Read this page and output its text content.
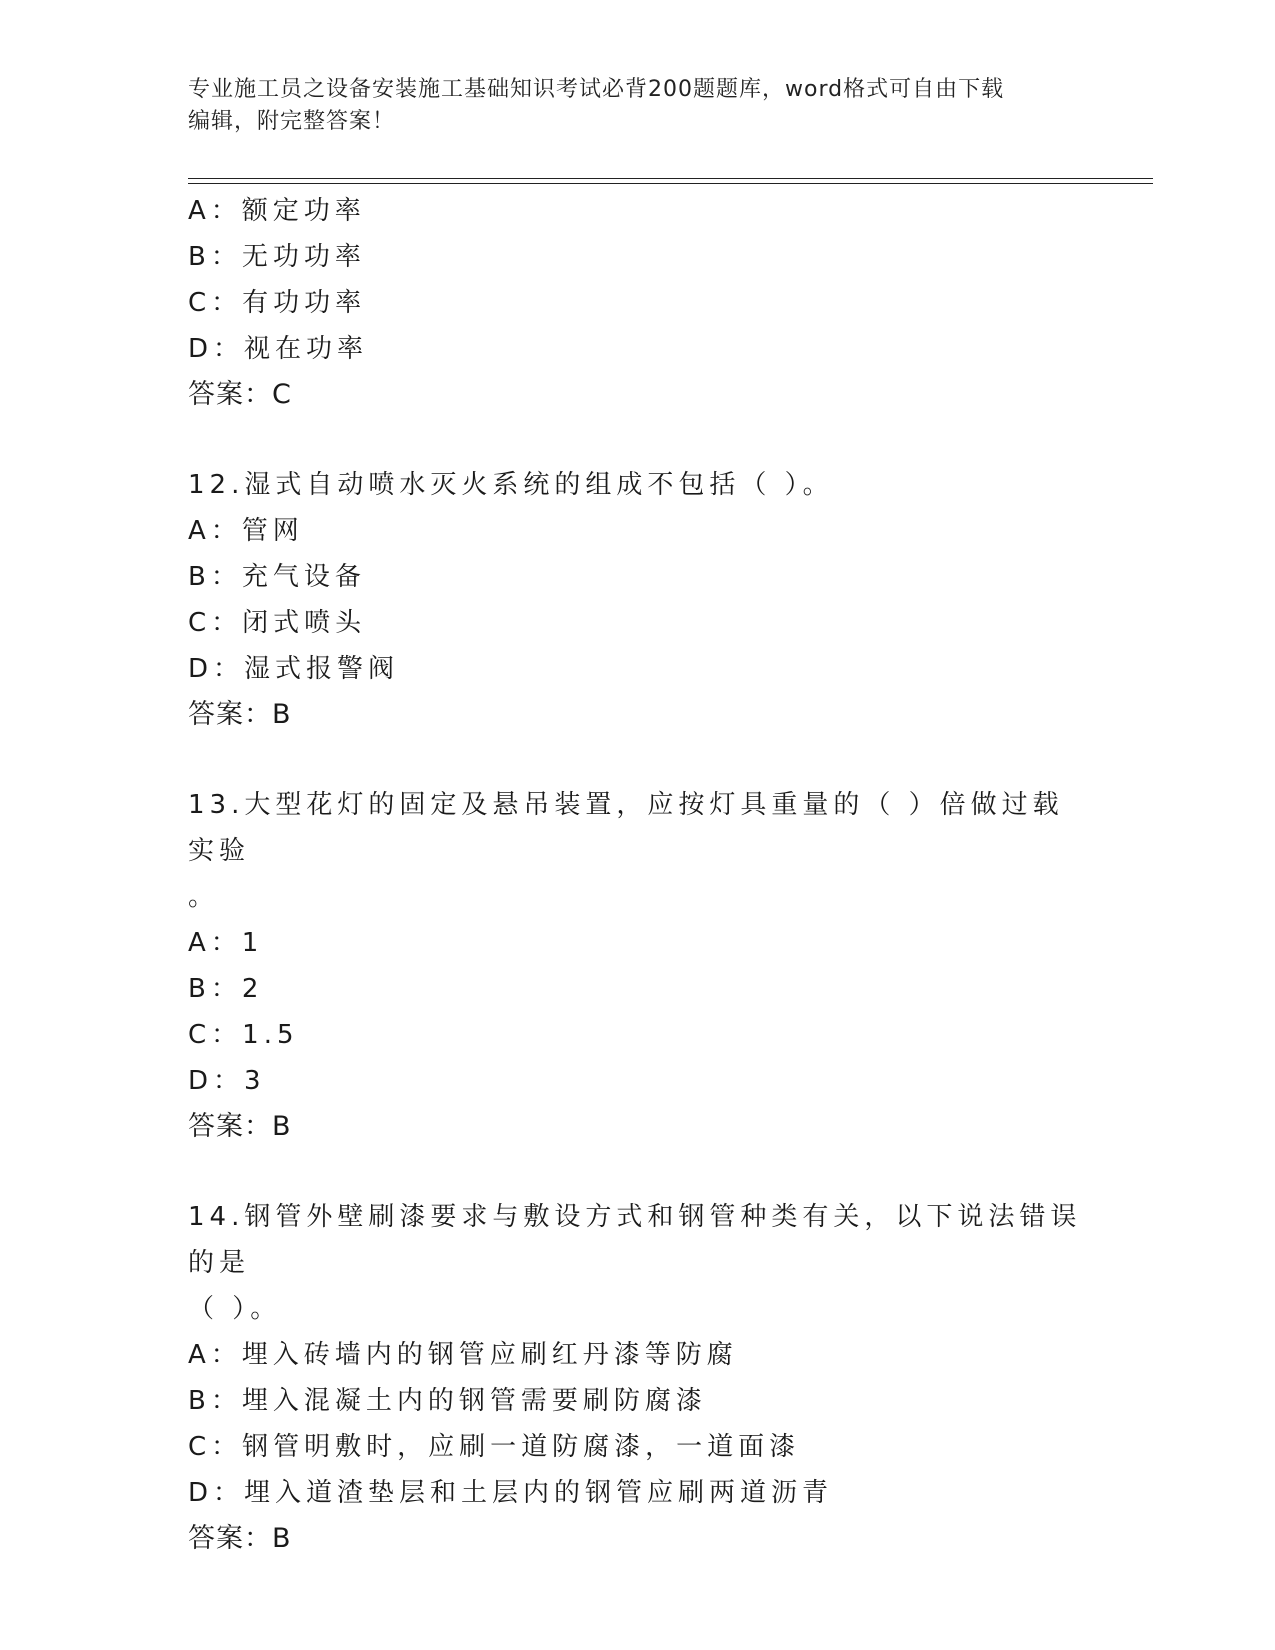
专业施工员之设备安装施工基础知识考试必背200题题库，word格式可自由下载
编辑，附完整答案！
A：额定功率
B：无功功率
C：有功功率
D：视在功率
答案：C
12.湿式自动喷水灭火系统的组成不包括（ ）。
A：管网
B：充气设备
C：闭式喷头
D：湿式报警阀
答案：B
13.大型花灯的固定及悬吊装置，应按灯具重量的（ ）倍做过载实验
。
A：1
B：2
C：1.5
D：3
答案：B
14.钢管外壁刷漆要求与敷设方式和钢管种类有关，以下说法错误的是
（ ）。
A：埋入砖墙内的钢管应刷红丹漆等防腐
B：埋入混凝土内的钢管需要刷防腐漆
C：钢管明敷时，应刷一道防腐漆，一道面漆
D：埋入道渣垫层和土层内的钢管应刷两道沥青
答案：B
